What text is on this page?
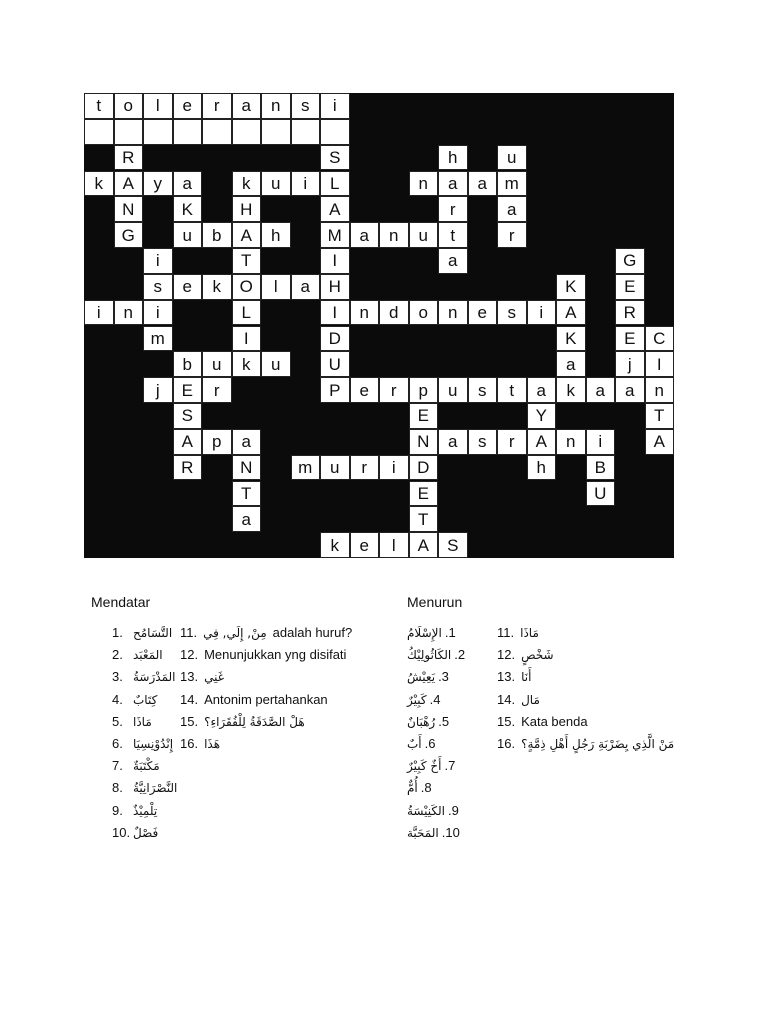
t	o	l	e	r	a	n	s	i
R	S	h	u
k	A	y	a	k	u	i	L	n	a	a	m
N	K	H	A	r	a
G	u	b	A	h	M	a	n	u	t	r
i	T	I	a	G
s	e	k	O	l	a	H	K	E
i	n	i	L	I	n	d	o	n	e	s	i	A	R
m	I	D	K	E	C
b	u	k	u	U	a	j	I
j	E	r	P	e	r	p	u	s	t	a	k	a	a	n
S	E	Y	T
A	p	a	N	a	s	r	A	n	i	A
R	N	m	u	r	i	D	h	B
T	E	U
a	T
k	e	l	A	S
Mendatar	Menurun
1. التَّسَامُح
2. المَعْبَد
3. المَدْرَسَةُ
4. كِتَابٌ
5. مَاذَا
6. إِنْدُوْنِسِيَا
7. مَكْتَبَةٌ
8. النَّصْرَانِيَّةُ
9. تِلْمِيْذٌ
10. فَصْلٌ
11. مِنْ, إِلَي, فِي adalah huruf?
12. Menunjukkan yng disifati
13. غَنِي
14. Antonim pertahankan
15. هَلْ الصَّدَقَةُ لِلْفُقَرَاءِ؟
16. هَذَا
الإِسْلَامُ .1
الكَاثُولِيْكُ .2
يَعِيْشُ .3
كَبِيْرٌ .4
رُهْبَانٌ .5
أَبٌ .6
أَخٌ كَبِيْرٌ .7
أُمٌّ .8
الكَنِيْسَةُ .9
المَحَبَّة .10
11. مَاذَا
12. شَخْصٍ
13. أَنَا
14. مَال
15. Kata benda
16. مَنْ الَّذِي يِضَرْبَةِ رَجُلٍ أَهْلِ ذِمَّةٍ؟
